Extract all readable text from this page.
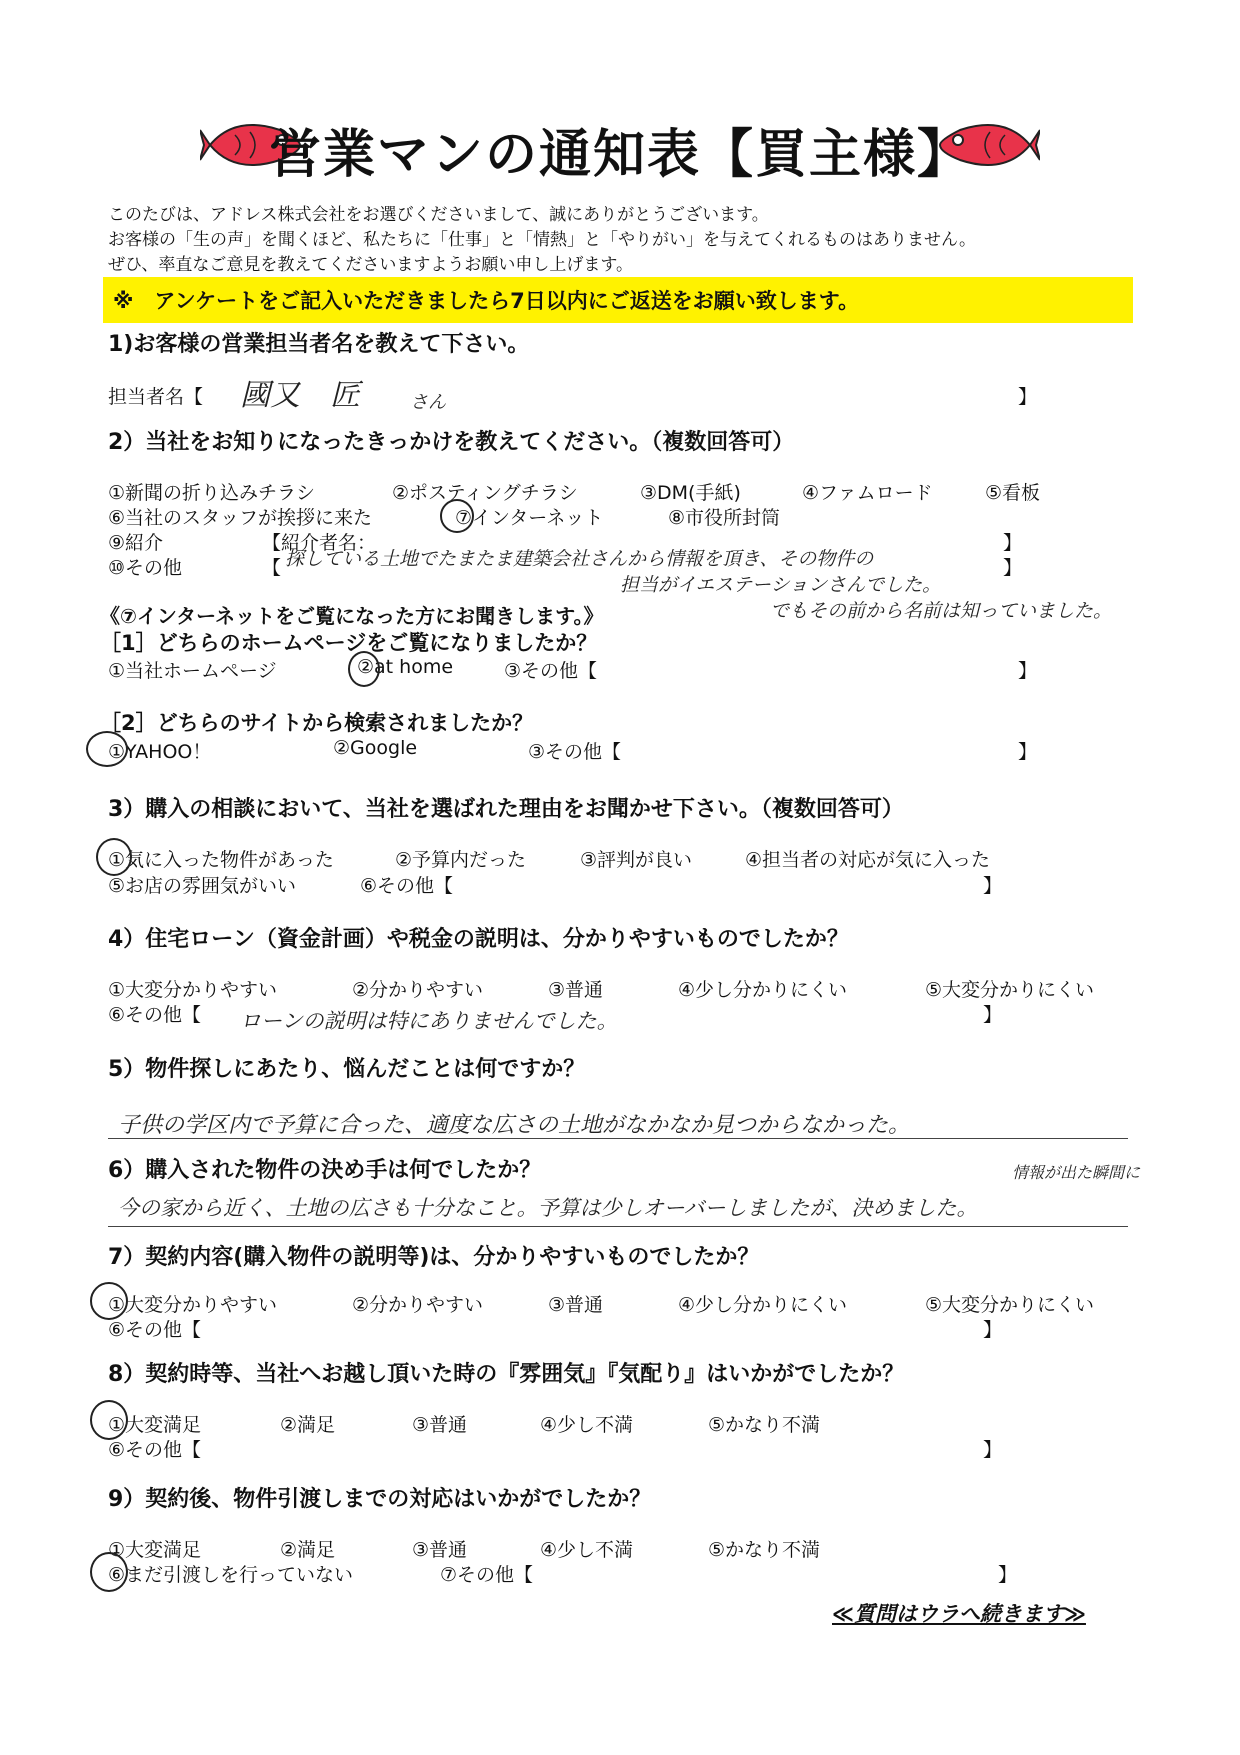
営業マンの通知表【買主様】
このたびは、アドレス株式会社をお選びくださいまして、誠にありがとうございます。
お客様の「生の声」を聞くほど、私たちに「仕事」と「情熱」と「やりがい」を与えてくれるものはありません。
ぜひ、率直なご意見を教えてくださいますようお願い申し上げます。
※　アンケートをご記入いただきましたら7日以内にご返送をお願い致します。
1)お客様の営業担当者名を教えて下さい。
担当者名【 國又　匠	さん	】
2）当社をお知りになったきっかけを教えてください。（複数回答可）
①新聞の折り込みチラシ	②ポスティングチラシ	③DM(手紙)	④ファムロード	⑤看板
⑥当社のスタッフが挨拶に来た	⑦インターネット	⑧市役所封筒
⑨紹介	【紹介者名：	】
⑩その他	【 探している土地でたまたま建築会社さんから情報を頂き、その物件の	】
担当がイエステーションさんでした。
でもその前から名前は知っていました。
《⑦インターネットをご覧になった方にお聞きします。》
［1］どちらのホームページをご覧になりましたか？
①当社ホームページ	②at home	③その他【	】
［2］どちらのサイトから検索されましたか？
①YAHOO！	②Google	③その他【	】
3）購入の相談において、当社を選ばれた理由をお聞かせ下さい。（複数回答可）
①気に入った物件があった	②予算内だった	③評判が良い	④担当者の対応が気に入った
⑤お店の雰囲気がいい	⑥その他【	】
4）住宅ローン（資金計画）や税金の説明は、分かりやすいものでしたか？
①大変分かりやすい	②分かりやすい	③普通	④少し分かりにくい	⑤大変分かりにくい
⑥その他【 ローンの説明は特にありませんでした。	】
5）物件探しにあたり、悩んだことは何ですか？
子供の学区内で予算に合った、適度な広さの土地がなかなか見つからなかった。
6）購入された物件の決め手は何でしたか？	情報が出た瞬間に
今の家から近く、土地の広さも十分なこと。予算は少しオーバーしましたが、決めました。
7）契約内容(購入物件の説明等)は、分かりやすいものでしたか？
①大変分かりやすい	②分かりやすい	③普通	④少し分かりにくい	⑤大変分かりにくい
⑥その他【	】
8）契約時等、当社へお越し頂いた時の『雰囲気』『気配り』はいかがでしたか？
①大変満足	②満足	③普通	④少し不満	⑤かなり不満
⑥その他【	】
9）契約後、物件引渡しまでの対応はいかがでしたか？
①大変満足	②満足	③普通	④少し不満	⑤かなり不満
⑥まだ引渡しを行っていない	⑦その他【	】
≪質問はウラへ続きます≫
